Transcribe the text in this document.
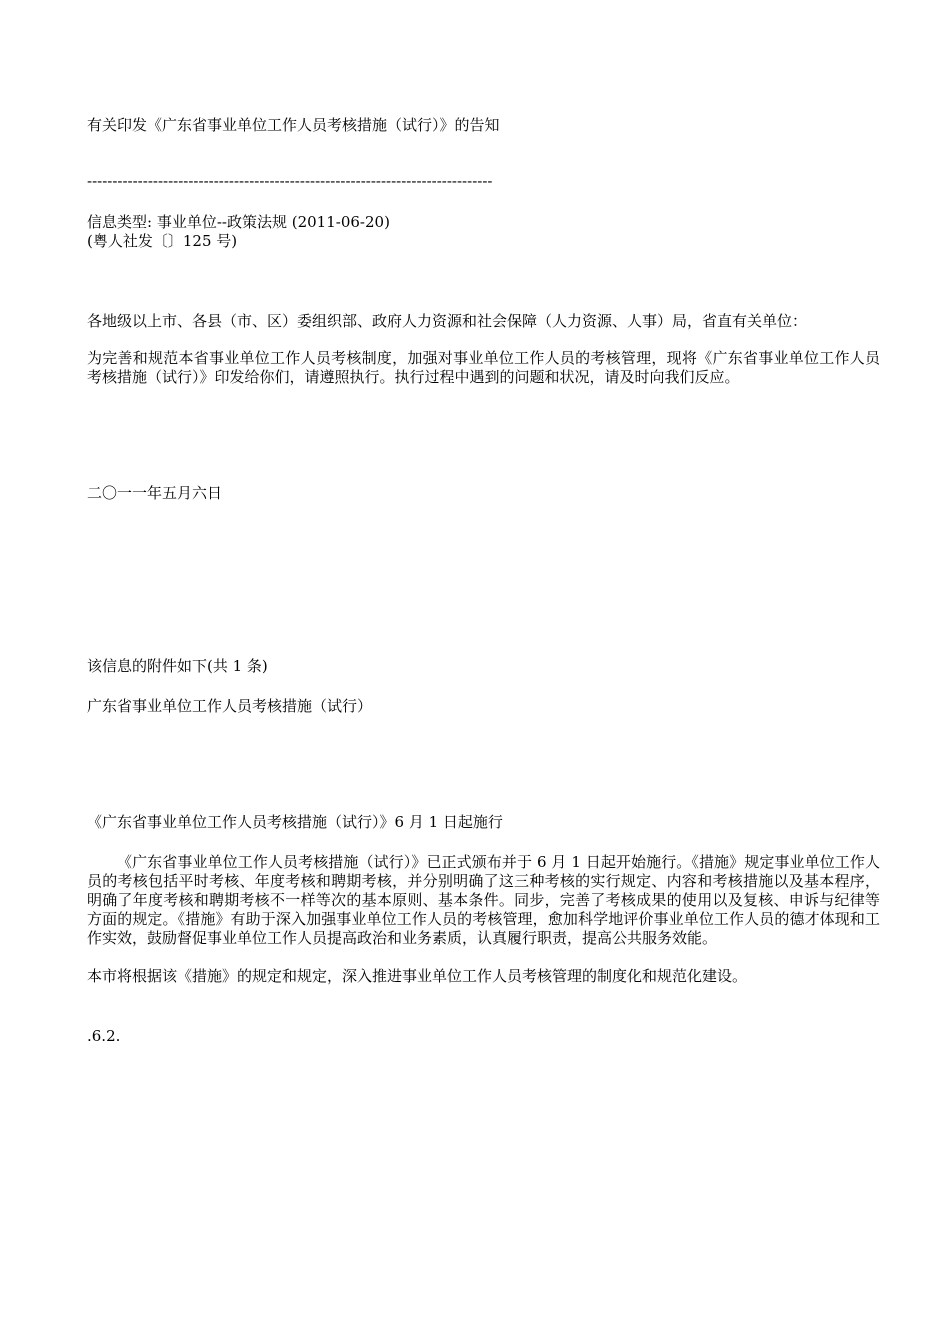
有关印发《广东省事业单位工作人员考核措施（试行）》的告知
--------------------------------------------------------------------------------
信息类型: 事业单位--政策法规 (2011-06-20)
(粤人社发〔〕125 号)
各地级以上市、各县（市、区）委组织部、政府人力资源和社会保障（人力资源、人事）局，省直有关单位：
为完善和规范本省事业单位工作人员考核制度，加强对事业单位工作人员的考核管理，现将《广东省事业单位工作人员考核措施（试行）》印发给你们，请遵照执行。执行过程中遇到的问题和状况，请及时向我们反应。
二〇一一年五月六日
该信息的附件如下(共 1 条)
广东省事业单位工作人员考核措施（试行）
《广东省事业单位工作人员考核措施（试行）》6 月 1 日起施行
《广东省事业单位工作人员考核措施（试行）》已正式颁布并于 6 月 1 日起开始施行。《措施》规定事业单位工作人员的考核包括平时考核、年度考核和聘期考核，并分别明确了这三种考核的实行规定、内容和考核措施以及基本程序，明确了年度考核和聘期考核不一样等次的基本原则、基本条件。同步，完善了考核成果的使用以及复核、申诉与纪律等方面的规定。《措施》有助于深入加强事业单位工作人员的考核管理，愈加科学地评价事业单位工作人员的德才体现和工作实效，鼓励督促事业单位工作人员提高政治和业务素质，认真履行职责，提高公共服务效能。
本市将根据该《措施》的规定和规定，深入推进事业单位工作人员考核管理的制度化和规范化建设。
.6.2.
